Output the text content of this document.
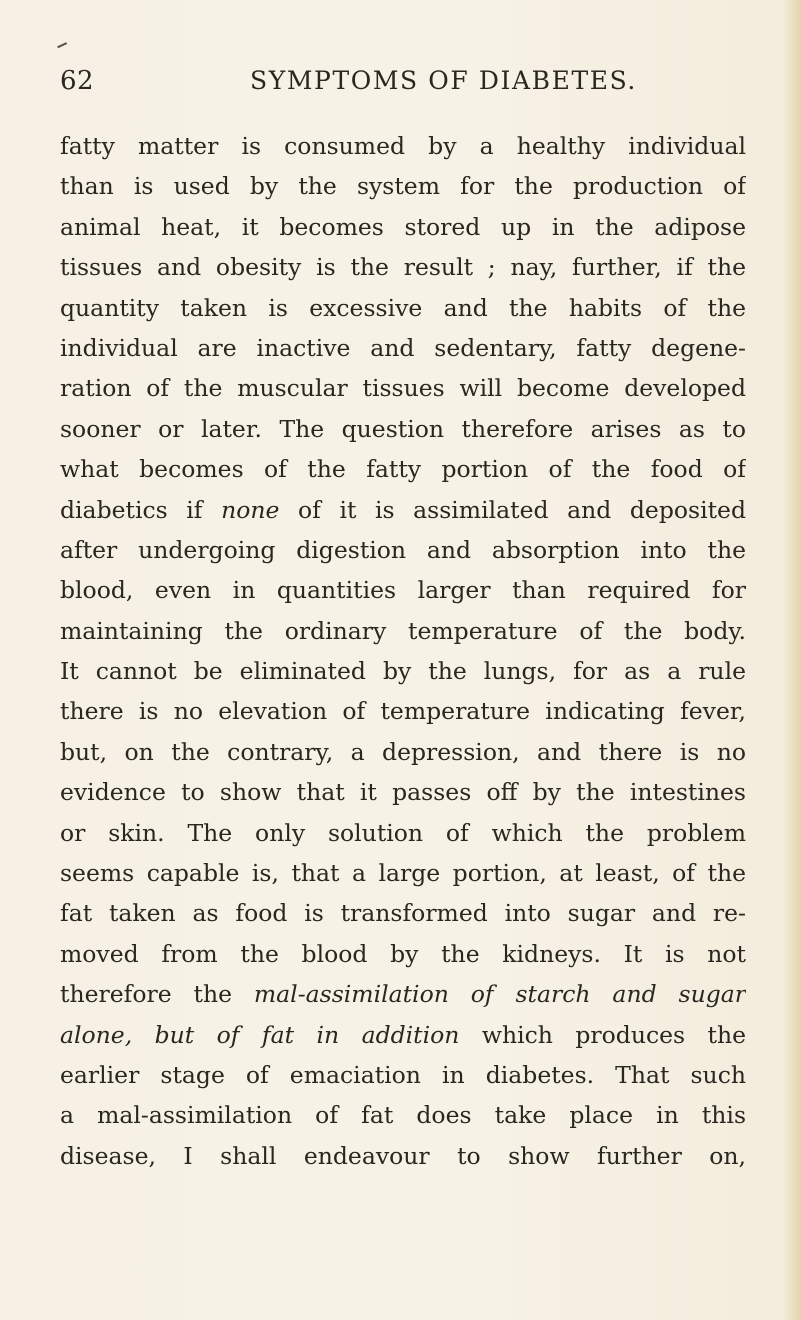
62	SYMPTOMS OF DIABETES.
fatty matter is consumed by a healthy individual
than is used by the system for the production of
animal heat, it becomes stored up in the adipose
tissues and obesity is the result ; nay, further, if the
quantity taken is excessive and the habits of the
individual are inactive and sedentary, fatty degene-
ration of the muscular tissues will become developed
sooner or later. The question therefore arises as to
what becomes of the fatty portion of the food of
diabetics if none of it is assimilated and deposited
after undergoing digestion and absorption into the
blood, even in quantities larger than required for
maintaining the ordinary temperature of the body.
It cannot be eliminated by the lungs, for as a rule
there is no elevation of temperature indicating fever,
but, on the contrary, a depression, and there is no
evidence to show that it passes off by the intestines
or skin. The only solution of which the problem
seems capable is, that a large portion, at least, of the
fat taken as food is transformed into sugar and re-
moved from the blood by the kidneys. It is not
therefore the mal-assimilation of starch and sugar
alone, but of fat in addition which produces the
earlier stage of emaciation in diabetes. That such
a mal-assimilation of fat does take place in this
disease, I shall endeavour to show further on,
